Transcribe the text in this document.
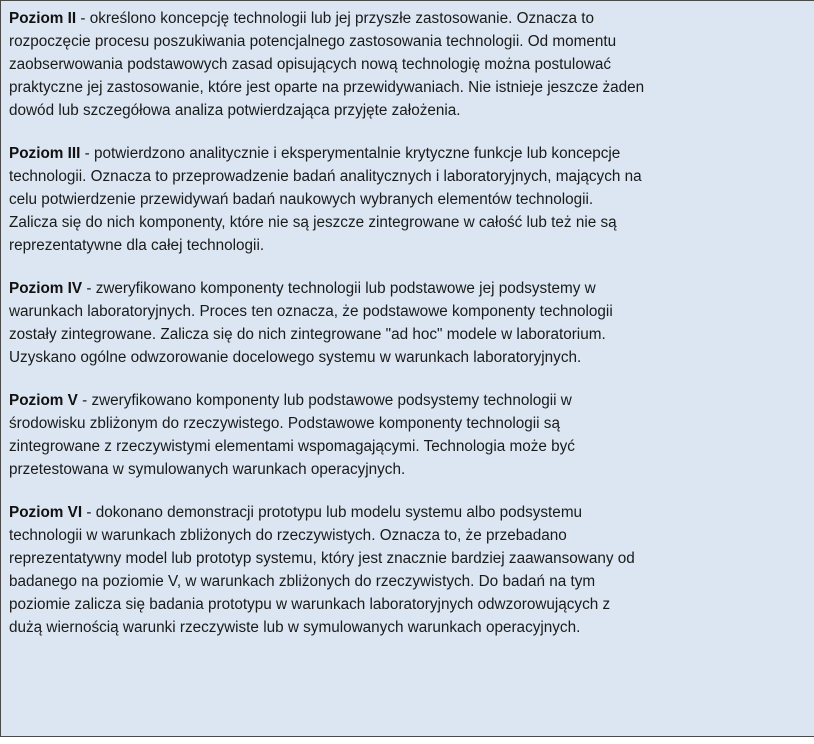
Poziom II - określono koncepcję technologii lub jej przyszłe zastosowanie. Oznacza to
rozpoczęcie procesu poszukiwania potencjalnego zastosowania technologii. Od momentu
zaobserwowania podstawowych zasad opisujących nową technologię można postulować
praktyczne jej zastosowanie, które jest oparte na przewidywaniach. Nie istnieje jeszcze żaden
dowód lub szczegółowa analiza potwierdzająca przyjęte założenia.

Poziom III - potwierdzono analitycznie i eksperymentalnie krytyczne funkcje lub koncepcje
technologii. Oznacza to przeprowadzenie badań analitycznych i laboratoryjnych, mających na
celu potwierdzenie przewidywań badań naukowych wybranych elementów technologii.
Zalicza się do nich komponenty, które nie są jeszcze zintegrowane w całość lub też nie są
reprezentatywne dla całej technologii.

Poziom IV - zweryfikowano komponenty technologii lub podstawowe jej podsystemy w
warunkach laboratoryjnych. Proces ten oznacza, że podstawowe komponenty technologii
zostały zintegrowane. Zalicza się do nich zintegrowane "ad hoc" modele w laboratorium.
Uzyskano ogólne odwzorowanie docelowego systemu w warunkach laboratoryjnych.

Poziom V - zweryfikowano komponenty lub podstawowe podsystemy technologii w
środowisku zbliżonym do rzeczywistego. Podstawowe komponenty technologii są
zintegrowane z rzeczywistymi elementami wspomagającymi. Technologia może być
przetestowana w symulowanych warunkach operacyjnych.

Poziom VI - dokonano demonstracji prototypu lub modelu systemu albo podsystemu
technologii w warunkach zbliżonych do rzeczywistych. Oznacza to, że przebadano
reprezentatywny model lub prototyp systemu, który jest znacznie bardziej zaawansowany od
badanego na poziomie V, w warunkach zbliżonych do rzeczywistych. Do badań na tym
poziomie zalicza się badania prototypu w warunkach laboratoryjnych odwzorowujących z
dużą wiernością warunki rzeczywiste lub w symulowanych warunkach operacyjnych.
